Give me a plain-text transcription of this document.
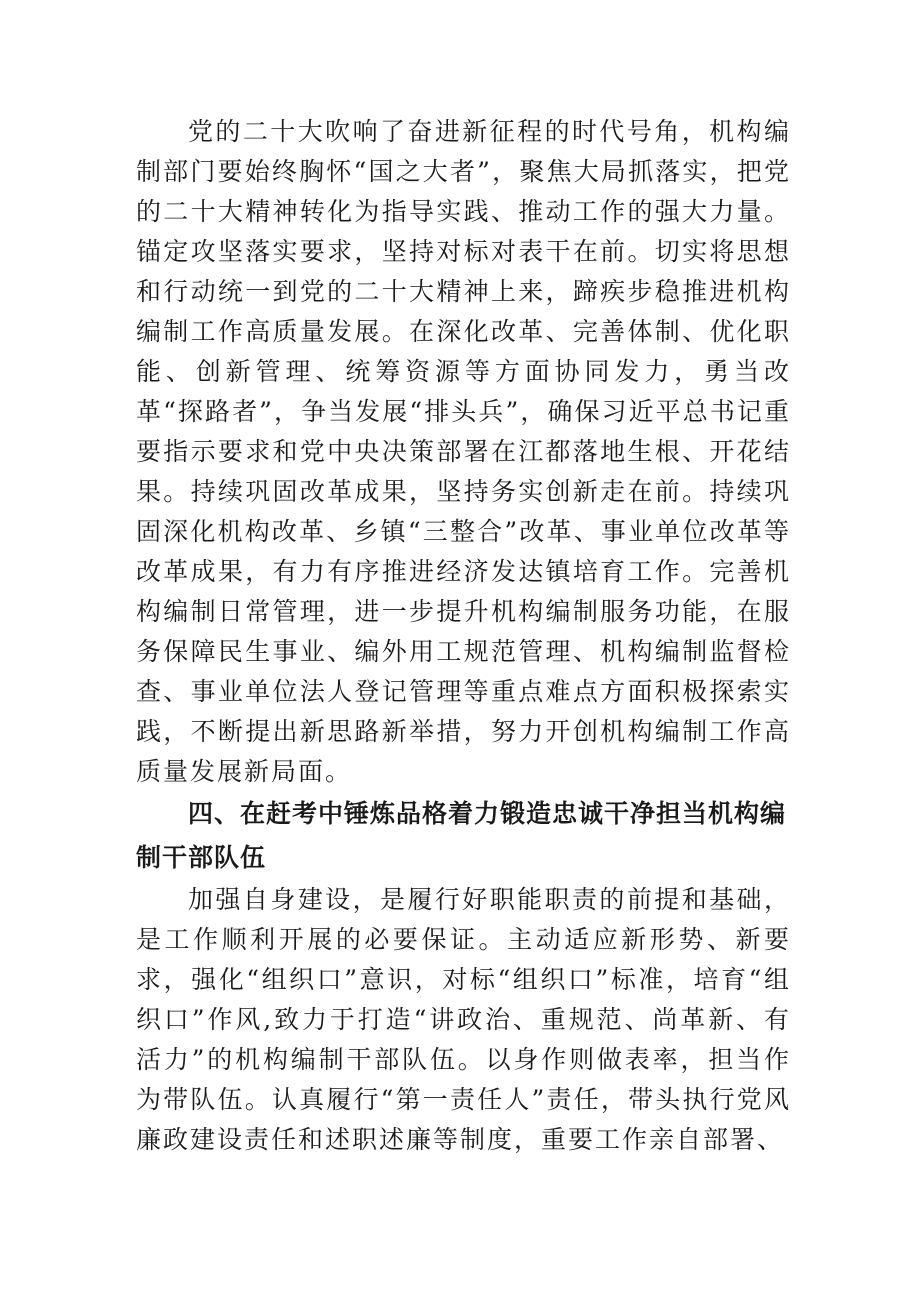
党的二十大吹响了奋进新征程的时代号角，机构编制部门要始终胸怀“国之大者”，聚焦大局抓落实，把党的二十大精神转化为指导实践、推动工作的强大力量。锚定攻坚落实要求，坚持对标对表干在前。切实将思想和行动统一到党的二十大精神上来，蹄疾步稳推进机构编制工作高质量发展。在深化改革、完善体制、优化职能、创新管理、统筹资源等方面协同发力，勇当改革“探路者”，争当发展“排头兵”，确保习近平总书记重要指示要求和党中央决策部署在江都落地生根、开花结果。持续巩固改革成果，坚持务实创新走在前。持续巩固深化机构改革、乡镇“三整合”改革、事业单位改革等改革成果，有力有序推进经济发达镇培育工作。完善机构编制日常管理，进一步提升机构编制服务功能，在服务保障民生事业、编外用工规范管理、机构编制监督检查、事业单位法人登记管理等重点难点方面积极探索实践，不断提出新思路新举措，努力开创机构编制工作高质量发展新局面。

四、在赶考中锤炼品格着力锻造忠诚干净担当机构编制干部队伍

加强自身建设，是履行好职能职责的前提和基础，是工作顺利开展的必要保证。主动适应新形势、新要求，强化“组织口”意识，对标“组织口”标准，培育“组织口”作风,致力于打造“讲政治、重规范、尚革新、有活力”的机构编制干部队伍。以身作则做表率，担当作为带队伍。认真履行“第一责任人”责任，带头执行党风廉政建设责任和述职述廉等制度，重要工作亲自部署、
